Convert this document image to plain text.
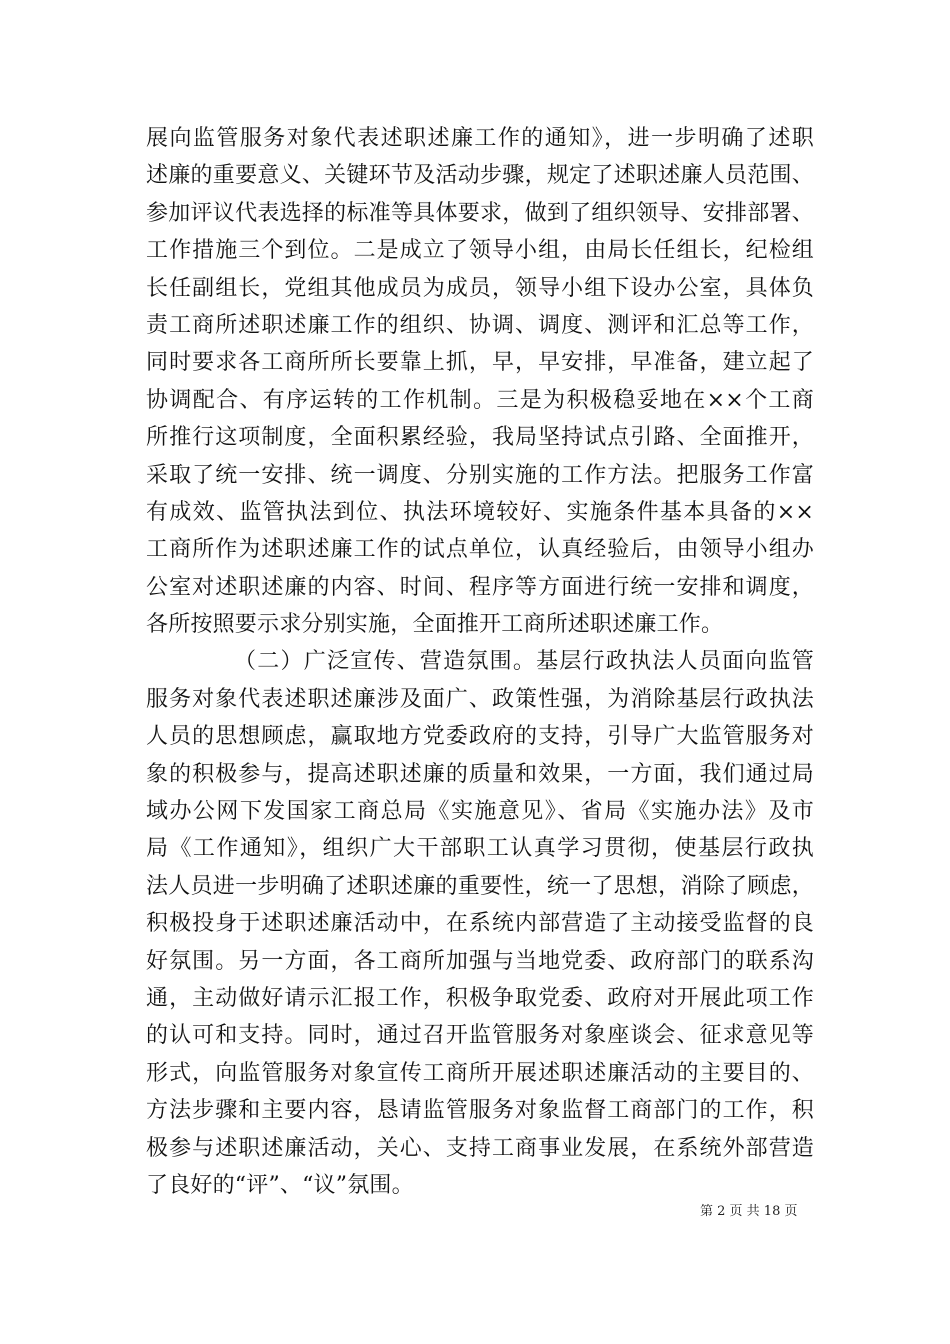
展向监管服务对象代表述职述廉工作的通知》，进一步明确了述职
述廉的重要意义、关键环节及活动步骤，规定了述职述廉人员范围、
参加评议代表选择的标准等具体要求，做到了组织领导、安排部署、
工作措施三个到位。二是成立了领导小组，由局长任组长，纪检组
长任副组长，党组其他成员为成员，领导小组下设办公室，具体负
责工商所述职述廉工作的组织、协调、调度、测评和汇总等工作，
同时要求各工商所所长要靠上抓，早，早安排，早准备，建立起了
协调配合、有序运转的工作机制。三是为积极稳妥地在××个工商
所推行这项制度，全面积累经验，我局坚持试点引路、全面推开，
采取了统一安排、统一调度、分别实施的工作方法。把服务工作富
有成效、监管执法到位、执法环境较好、实施条件基本具备的××
工商所作为述职述廉工作的试点单位，认真经验后，由领导小组办
公室对述职述廉的内容、时间、程序等方面进行统一安排和调度，
各所按照要示求分别实施，全面推开工商所述职述廉工作。
（二）广泛宣传、营造氛围。基层行政执法人员面向监管
服务对象代表述职述廉涉及面广、政策性强，为消除基层行政执法
人员的思想顾虑，赢取地方党委政府的支持，引导广大监管服务对
象的积极参与，提高述职述廉的质量和效果，一方面，我们通过局
域办公网下发国家工商总局《实施意见》、省局《实施办法》及市
局《工作通知》，组织广大干部职工认真学习贯彻，使基层行政执
法人员进一步明确了述职述廉的重要性，统一了思想，消除了顾虑，
积极投身于述职述廉活动中，在系统内部营造了主动接受监督的良
好氛围。另一方面，各工商所加强与当地党委、政府部门的联系沟
通，主动做好请示汇报工作，积极争取党委、政府对开展此项工作
的认可和支持。同时，通过召开监管服务对象座谈会、征求意见等
形式，向监管服务对象宣传工商所开展述职述廉活动的主要目的、
方法步骤和主要内容，恳请监管服务对象监督工商部门的工作，积
极参与述职述廉活动，关心、支持工商事业发展，在系统外部营造
了良好的“评”、“议”氛围。
第 2 页 共 18 页
